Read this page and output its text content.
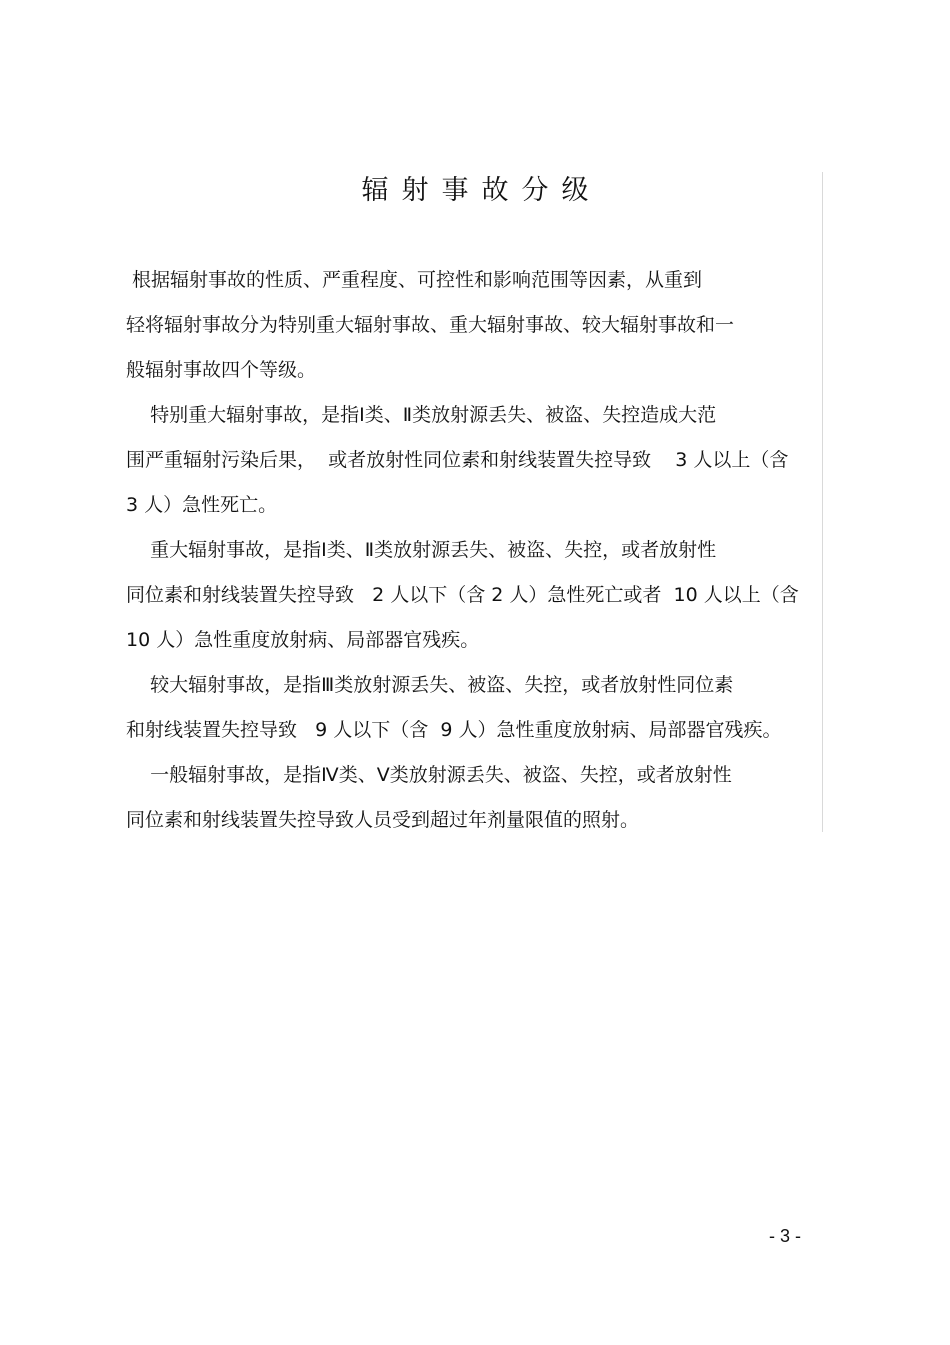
辐射事故分级
根据辐射事故的性质、严重程度、可控性和影响范围等因素，从重到
轻将辐射事故分为特别重大辐射事故、重大辐射事故、较大辐射事故和一
般辐射事故四个等级。
特别重大辐射事故，是指Ⅰ类、Ⅱ类放射源丢失、被盗、失控造成大范
围严重辐射污染后果，  或者放射性同位素和射线装置失控导致    3 人以上（含
3 人）急性死亡。
重大辐射事故，是指Ⅰ类、Ⅱ类放射源丢失、被盗、失控，或者放射性
同位素和射线装置失控导致   2 人以下（含 2 人）急性死亡或者  10 人以上（含
10 人）急性重度放射病、局部器官残疾。
较大辐射事故，是指Ⅲ类放射源丢失、被盗、失控，或者放射性同位素
和射线装置失控导致   9 人以下（含  9 人）急性重度放射病、局部器官残疾。
一般辐射事故，是指Ⅳ类、Ⅴ类放射源丢失、被盗、失控，或者放射性
同位素和射线装置失控导致人员受到超过年剂量限值的照射。
- 3 -
